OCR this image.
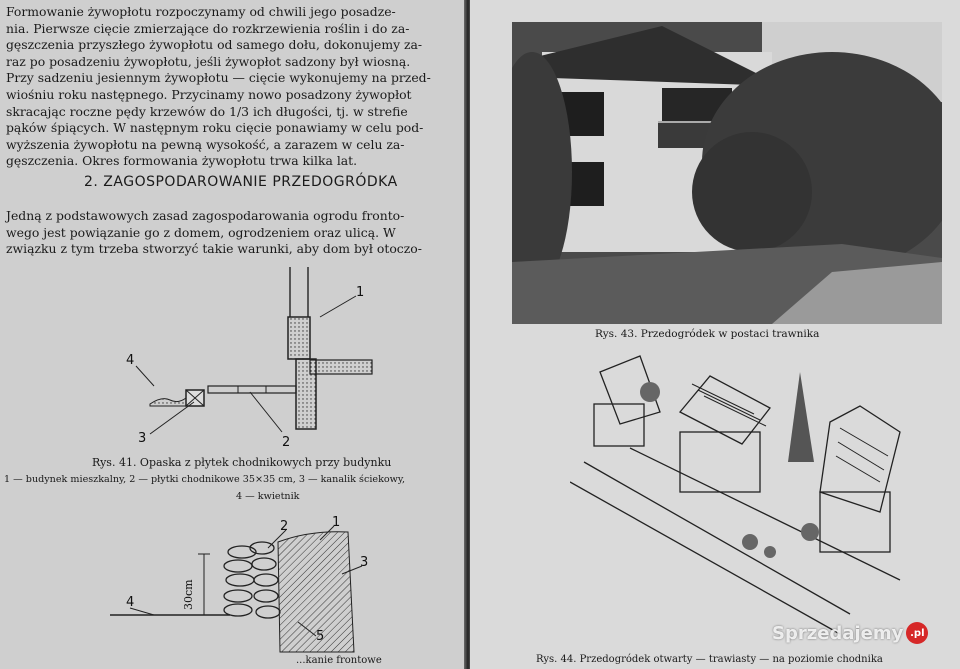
Formowanie żywopłotu rozpoczynamy od chwili jego posadze-
nia. Pierwsze cięcie zmierzające do rozkrzewienia roślin i do za-
gęszczenia przyszłego żywopłotu od samego dołu, dokonujemy za-
raz po posadzeniu żywopłotu, jeśli żywopłot sadzony był wiosną.
Przy sadzeniu jesiennym żywopłotu — cięcie wykonujemy na przed-
wiośniu roku następnego. Przycinamy nowo posadzony żywopłot
skracając roczne pędy krzewów do 1/3 ich długości, tj. w strefie
pąków śpiących. W następnym roku cięcie ponawiamy w celu pod-
wyższenia żywopłotu na pewną wysokość, a zarazem w celu za-
gęszczenia. Okres formowania żywopłotu trwa kilka lat.
2. ZAGOSPODAROWANIE PRZEDOGRÓDKA
Jedną z podstawowych zasad zagospodarowania ogrodu fronto-
wego jest powiązanie go z domem, ogrodzeniem oraz ulicą. W
związku z tym trzeba stworzyć takie warunki, aby dom był otoczo-
4
3	2
1
Rys. 41. Opaska z płytek chodnikowych przy budynku
1 — budynek mieszkalny, 2 — płytki chodnikowe 35×35 cm, 3 — kanalik ściekowy,
4 — kwietnik
30cm
4
2	1
3
5
...kanie frontowe
Rys. 43. Przedogródek w postaci trawnika
Rys. 44. Przedogródek otwarty — trawiasty — na poziomie chodnika
Sprzedajemy .pl
